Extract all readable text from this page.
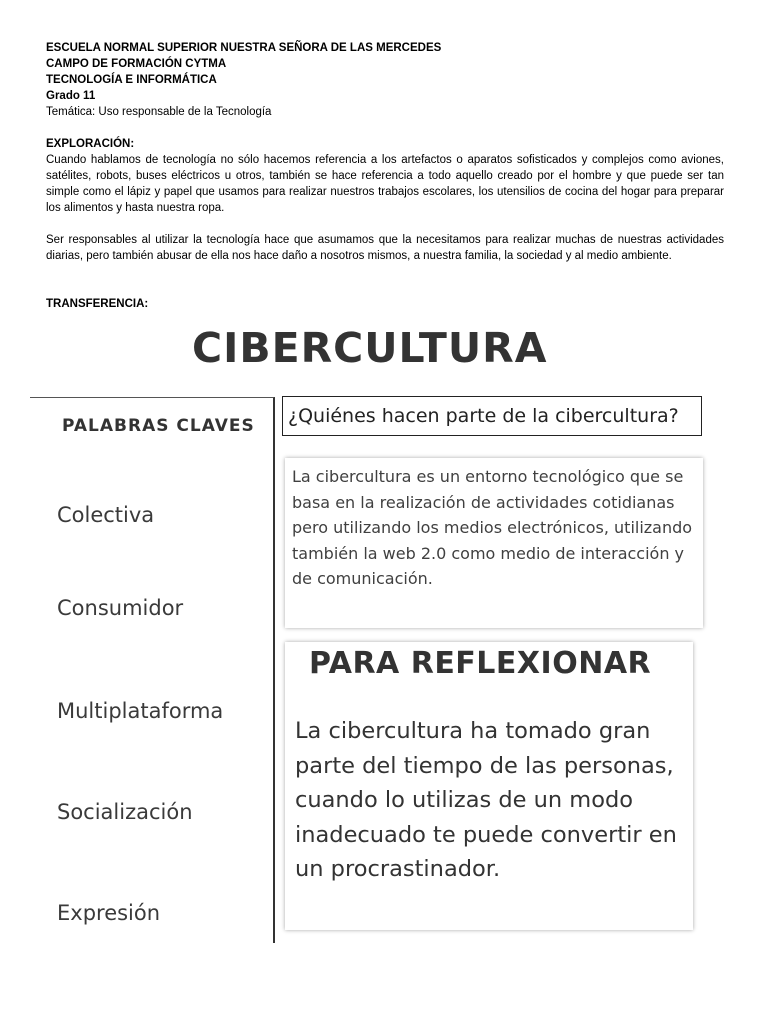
ESCUELA NORMAL SUPERIOR NUESTRA SEÑORA DE LAS MERCEDES
CAMPO DE FORMACIÓN CYTMA
TECNOLOGÍA E INFORMÁTICA
Grado 11
Temática: Uso responsable de la Tecnología
EXPLORACIÓN:
Cuando hablamos de tecnología no sólo hacemos referencia a los artefactos o aparatos sofisticados y complejos como aviones, satélites, robots, buses eléctricos u otros, también se hace referencia a todo aquello creado por el hombre y que puede ser tan simple como el lápiz y papel que usamos para realizar nuestros trabajos escolares, los utensilios de cocina del hogar para preparar los alimentos y hasta nuestra ropa.
Ser responsables al utilizar la tecnología hace que asumamos que la necesitamos para realizar muchas de nuestras actividades diarias, pero también abusar de ella nos hace daño a nosotros mismos, a nuestra familia, la sociedad y al medio ambiente.
TRANSFERENCIA:
CIBERCULTURA
PALABRAS CLAVES
Colectiva
Consumidor
Multiplataforma
Socialización
Expresión
¿Quiénes hacen parte de la cibercultura?
La cibercultura es un entorno tecnológico que se basa en la realización de actividades cotidianas pero utilizando los medios electrónicos, utilizando también la web 2.0 como medio de interacción y de comunicación.
PARA REFLEXIONAR
La cibercultura ha tomado gran parte del tiempo de las personas, cuando lo utilizas de un modo inadecuado te puede convertir en un procrastinador.
